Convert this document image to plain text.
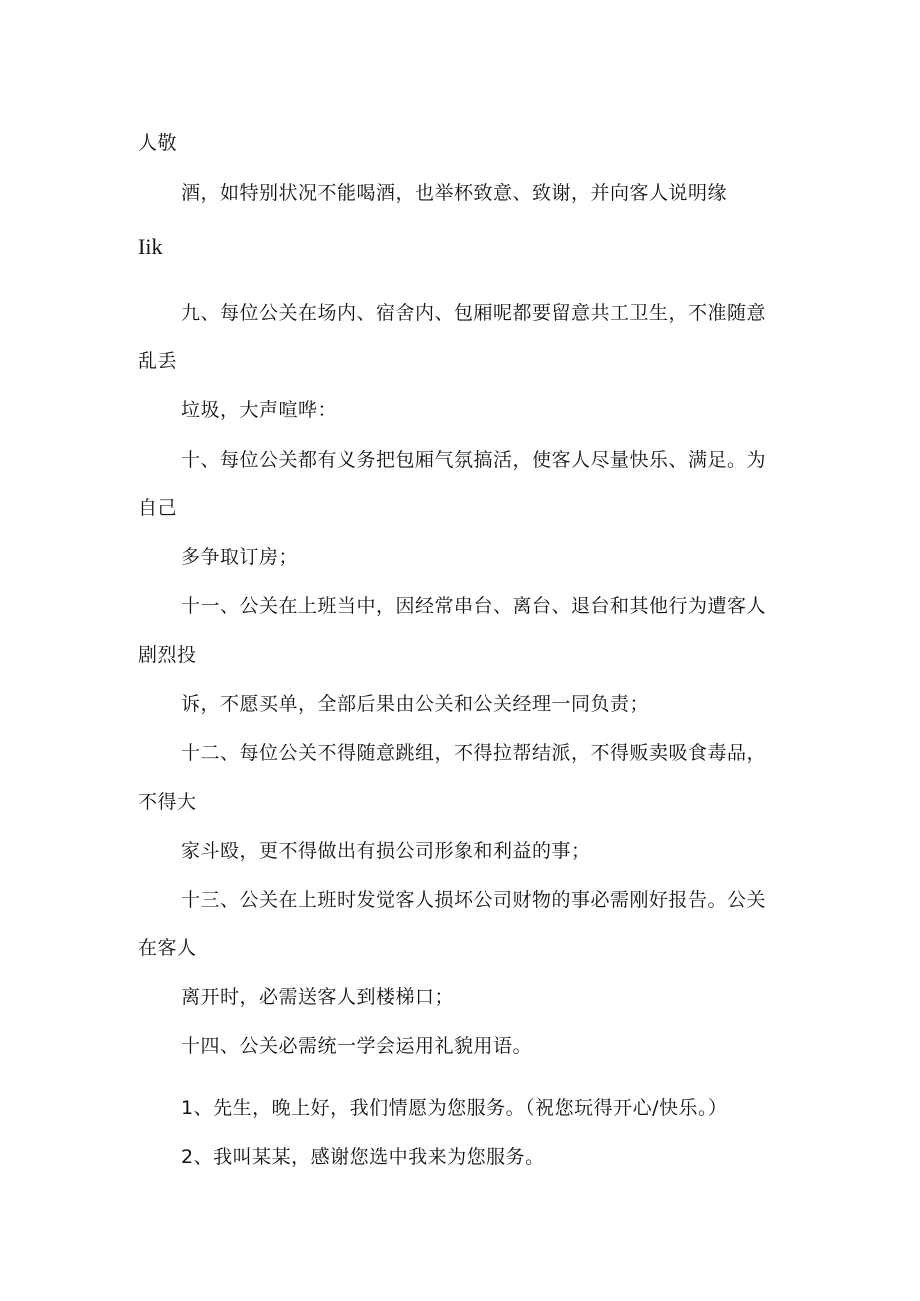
人敬
酒，如特别状况不能喝酒，也举杯致意、致谢，并向客人说明缘
Iik
九、每位公关在场内、宿舍内、包厢呢都要留意共工卫生，不准随意
乱丢
垃圾，大声喧哗：
十、每位公关都有义务把包厢气氛搞活，使客人尽量快乐、满足。为
自己
多争取订房；
十一、公关在上班当中，因经常串台、离台、退台和其他行为遭客人
剧烈投
诉，不愿买单，全部后果由公关和公关经理一同负责；
十二、每位公关不得随意跳组，不得拉帮结派，不得贩卖吸食毒品，
不得大
家斗殴，更不得做出有损公司形象和利益的事；
十三、公关在上班时发觉客人损坏公司财物的事必需刚好报告。公关
在客人
离开时，必需送客人到楼梯口；
十四、公关必需统一学会运用礼貌用语。
1、先生，晚上好，我们情愿为您服务。（祝您玩得开心/快乐。）
2、我叫某某，感谢您选中我来为您服务。
